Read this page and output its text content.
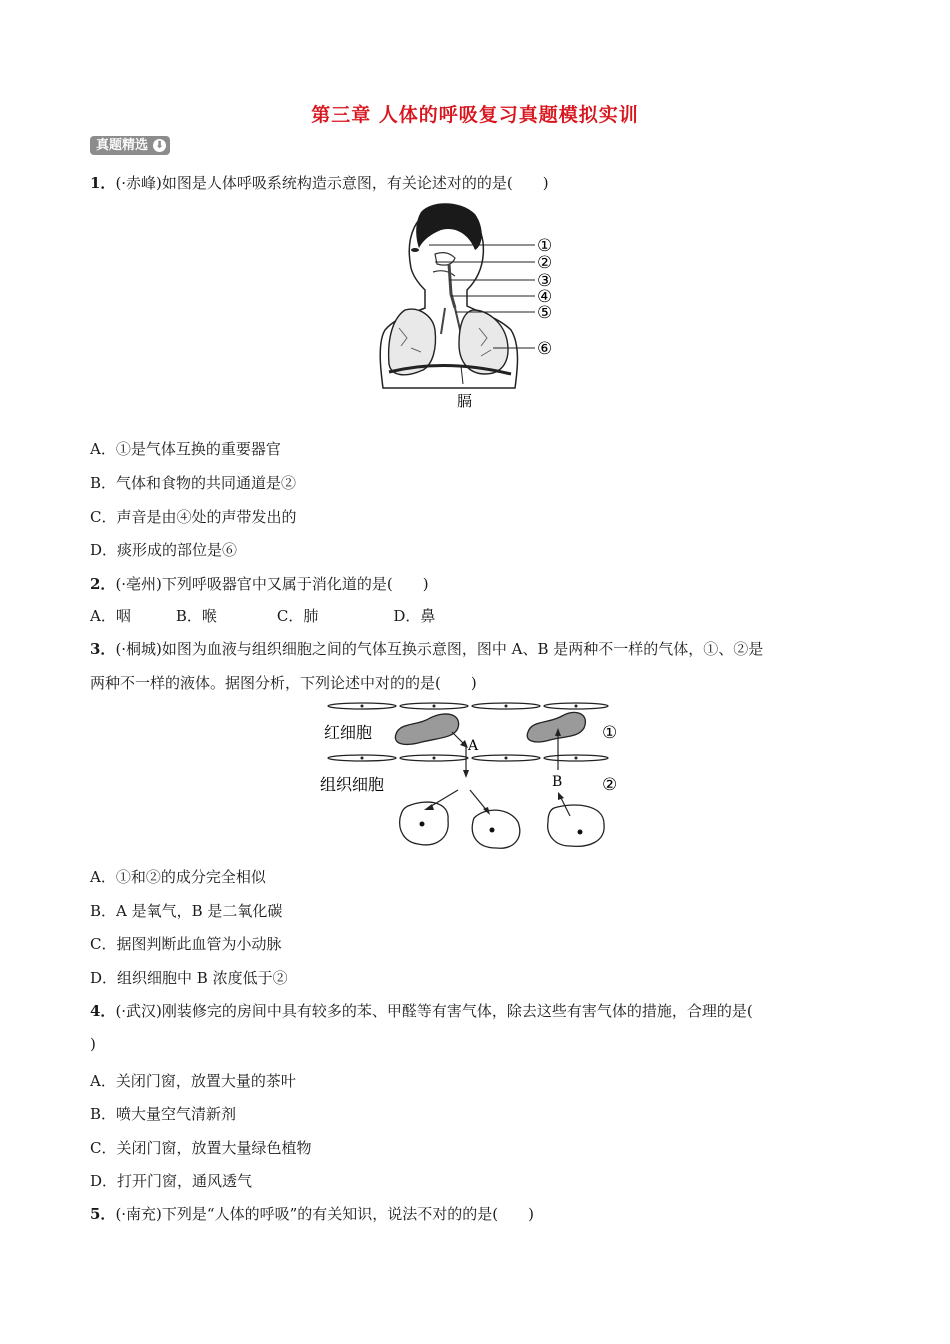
第三章 人体的呼吸复习真题模拟实训
真题精选 ⬇
1．(·赤峰)如图是人体呼吸系统构造示意图，有关论述对的的是(　　)
①
②
③
④
⑤
⑥
膈
A．①是气体互换的重要器官
B．气体和食物的共同通道是②
C．声音是由④处的声带发出的
D．痰形成的部位是⑥
2．(·亳州)下列呼吸器官中又属于消化道的是(　　)
A．咽　　　B．喉　　　　C．肺　　　　　D．鼻
3．(·桐城)如图为血液与组织细胞之间的气体互换示意图，图中 A、B 是两种不一样的气体，①、②是
两种不一样的液体。据图分析，下列论述中对的的是(　　)
红细胞
组织细胞
A
B
①
②
A．①和②的成分完全相似
B．A 是氧气，B 是二氧化碳
C．据图判断此血管为小动脉
D．组织细胞中 B 浓度低于②
4．(·武汉)刚装修完的房间中具有较多的苯、甲醛等有害气体，除去这些有害气体的措施，合理的是(
)
A．关闭门窗，放置大量的茶叶
B．喷大量空气清新剂
C．关闭门窗，放置大量绿色植物
D．打开门窗，通风透气
5．(·南充)下列是“人体的呼吸”的有关知识，说法不对的的是(　　)
